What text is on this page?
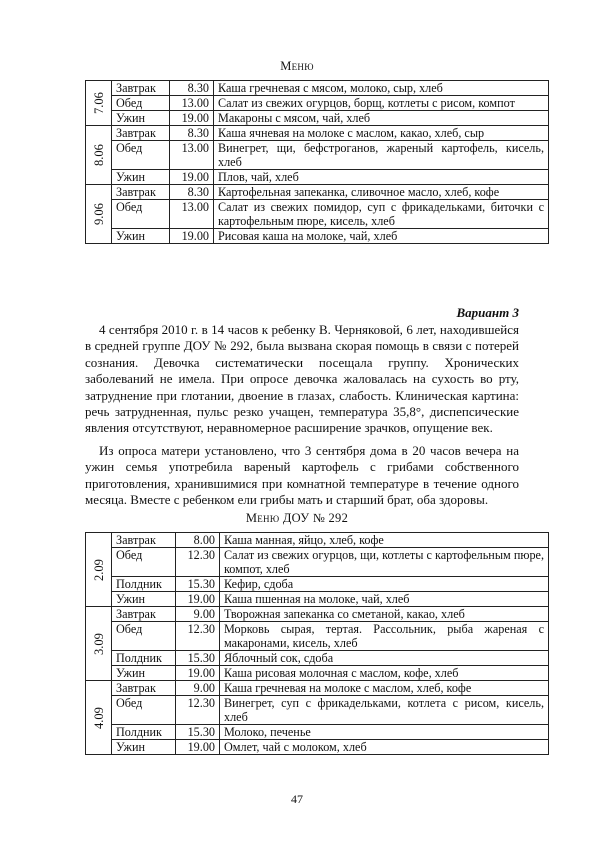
Меню
7.06	Завтрак	8.30	Каша гречневая с мясом, молоко, сыр, хлеб
	Обед	13.00	Салат из свежих огурцов, борщ, котлеты с рисом, компот
	Ужин	19.00	Макароны с мясом, чай, хлеб
8.06	Завтрак	8.30	Каша ячневая на молоке с маслом, какао, хлеб, сыр
	Обед	13.00	Винегрет, щи, бефстроганов, жареный картофель, кисель, хлеб
	Ужин	19.00	Плов, чай, хлеб
9.06	Завтрак	8.30	Картофельная запеканка, сливочное масло, хлеб, кофе
	Обед	13.00	Салат из свежих помидор, суп с фрикадельками, биточки с картофельным пюре, кисель, хлеб
	Ужин	19.00	Рисовая каша на молоке, чай, хлеб
Вариант 3

4 сентября 2010 г. в 14 часов к ребенку В. Черняковой, 6 лет, находившейся в средней группе ДОУ № 292, была вызвана скорая помощь в связи с потерей сознания. Девочка систематически посещала группу. Хронических заболеваний не имела. При опросе девочка жаловалась на сухость во рту, затруднение при глотании, двоение в глазах, слабость. Клиническая картина: речь затрудненная, пульс резко учащен, температура 35,8°, диспепсические явления отсутствуют, неравномерное расширение зрачков, опущение век.

Из опроса матери установлено, что 3 сентября дома в 20 часов вечера на ужин семья употребила вареный картофель с грибами собственного приготовления, хранившимися при комнатной температуре в течение одного месяца. Вместе с ребенком ели грибы мать и старший брат, оба здоровы.

Меню ДОУ № 292
2.09	Завтрак	8.00	Каша манная, яйцо, хлеб, кофе
	Обед	12.30	Салат из свежих огурцов, щи, котлеты с картофельным пюре, компот, хлеб
	Полдник	15.30	Кефир, сдоба
	Ужин	19.00	Каша пшенная на молоке, чай, хлеб
3.09	Завтрак	9.00	Творожная запеканка со сметаной, какао, хлеб
	Обед	12.30	Морковь сырая, тертая. Рассольник, рыба жареная с макаронами, кисель, хлеб
	Полдник	15.30	Яблочный сок, сдоба
	Ужин	19.00	Каша рисовая молочная с маслом, кофе, хлеб
4.09	Завтрак	9.00	Каша гречневая на молоке с маслом, хлеб, кофе
	Обед	12.30	Винегрет, суп с фрикадельками, котлета с рисом, кисель, хлеб
	Полдник	15.30	Молоко, печенье
	Ужин	19.00	Омлет, чай с молоком, хлеб
47
